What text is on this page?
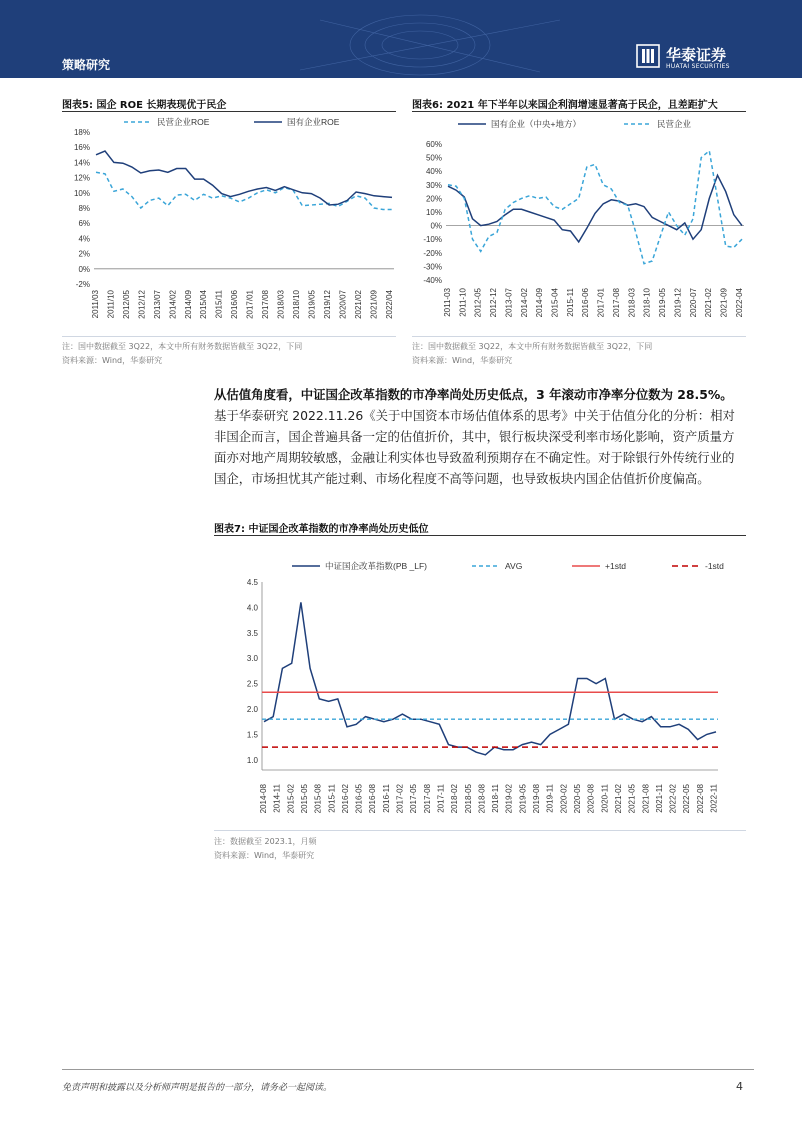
策略研究
华泰证券
HUATAI SECURITIES
图表5: 国企 ROE 长期表现优于民企
18%
16%
14%
12%
10%
8%
6%
4%
2%
0%
-2%
2011/03 2011/10 2012/05 2012/12 2013/07 2014/02 2014/09 2015/04 2015/11 2016/06 2017/01 2017/08 2018/03 2018/10 2019/05 2019/12 2020/07 2021/02 2021/09 2022/04
民营企业ROE	国有企业ROE
注：国中数据截至 3Q22，本文中所有财务数据皆截至 3Q22，下同
资料来源：Wind，华泰研究
图表6: 2021 年下半年以来国企利润增速显著高于民企，且差距扩大
60%
50%
40%
30%
20%
10%
0%
-10%
-20%
-30%
-40%
2011-03 2011-10 2012-05 2012-12 2013-07 2014-02 2014-09 2015-04 2015-11 2016-06 2017-01 2017-08 2018-03 2018-10 2019-05 2019-12 2020-07 2021-02 2021-09 2022-04
国有企业（中央+地方）	民营企业
注：国中数据截至 3Q22，本文中所有财务数据皆截至 3Q22，下同
资料来源：Wind，华泰研究
从估值角度看，中证国企改革指数的市净率尚处历史低点，3 年滚动市净率分位数为 28.5%。基于华泰研究 2022.11.26《关于中国资本市场估值体系的思考》中关于估值分化的分析：相对非国企而言，国企普遍具备一定的估值折价，其中，银行板块深受利率市场化影响，资产质量方面亦对地产周期较敏感，金融让利实体也导致盈利预期存在不确定性。对于除银行外传统行业的国企，市场担忧其产能过剩、市场化程度不高等问题，也导致板块内国企估值折价度偏高。
图表7: 中证国企改革指数的市净率尚处历史低位
4.5
4.0
3.5
3.0
2.5
2.0
1.5
1.0
2014-08 2014-11 2015-02 2015-05 2015-08 2015-11 2016-02 2016-05 2016-08 2016-11 2017-02 2017-05 2017-08 2017-11 2018-02 2018-05 2018-08 2018-11 2019-02 2019-05 2019-08 2019-11 2020-02 2020-05 2020-08 2020-11 2021-02 2021-05 2021-08 2021-11 2022-02 2022-05 2022-08 2022-11
中证国企改革指数(PB _LF)	AVG	+1std	-1std
注：数据截至 2023.1，月频
资料来源：Wind，华泰研究
免责声明和披露以及分析师声明是报告的一部分，请务必一起阅读。	4
